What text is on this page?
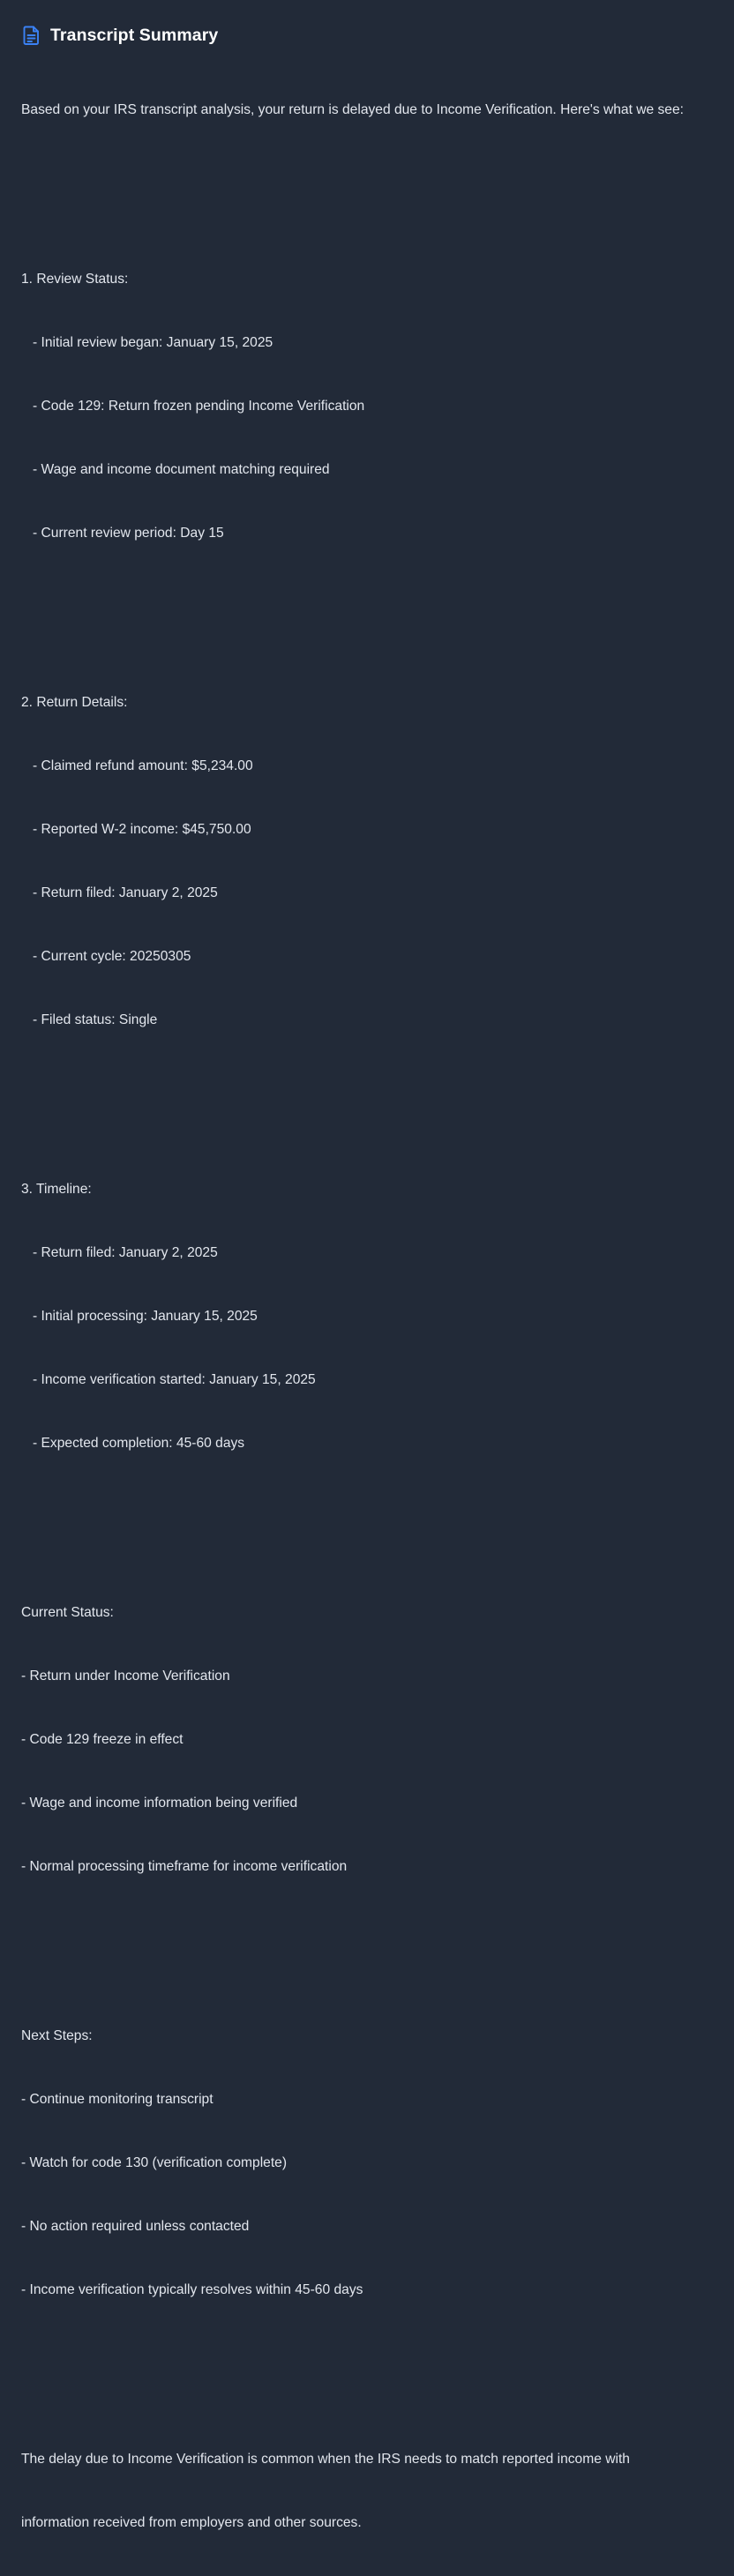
Transcript Summary

Based on your IRS transcript analysis, your return is delayed due to Income Verification. Here's what we see:

1. Review Status:

- Initial review began: January 15, 2025

- Code 129: Return frozen pending Income Verification

- Wage and income document matching required

- Current review period: Day 15

2. Return Details:

- Claimed refund amount: $5,234.00

- Reported W-2 income: $45,750.00

- Return filed: January 2, 2025

- Current cycle: 20250305

- Filed status: Single

3. Timeline:

- Return filed: January 2, 2025

- Initial processing: January 15, 2025

- Income verification started: January 15, 2025

- Expected completion: 45-60 days

Current Status:

- Return under Income Verification

- Code 129 freeze in effect

- Wage and income information being verified

- Normal processing timeframe for income verification

Next Steps:

- Continue monitoring transcript

- Watch for code 130 (verification complete)

- No action required unless contacted

- Income verification typically resolves within 45-60 days

The delay due to Income Verification is common when the IRS needs to match reported income with

information received from employers and other sources.
